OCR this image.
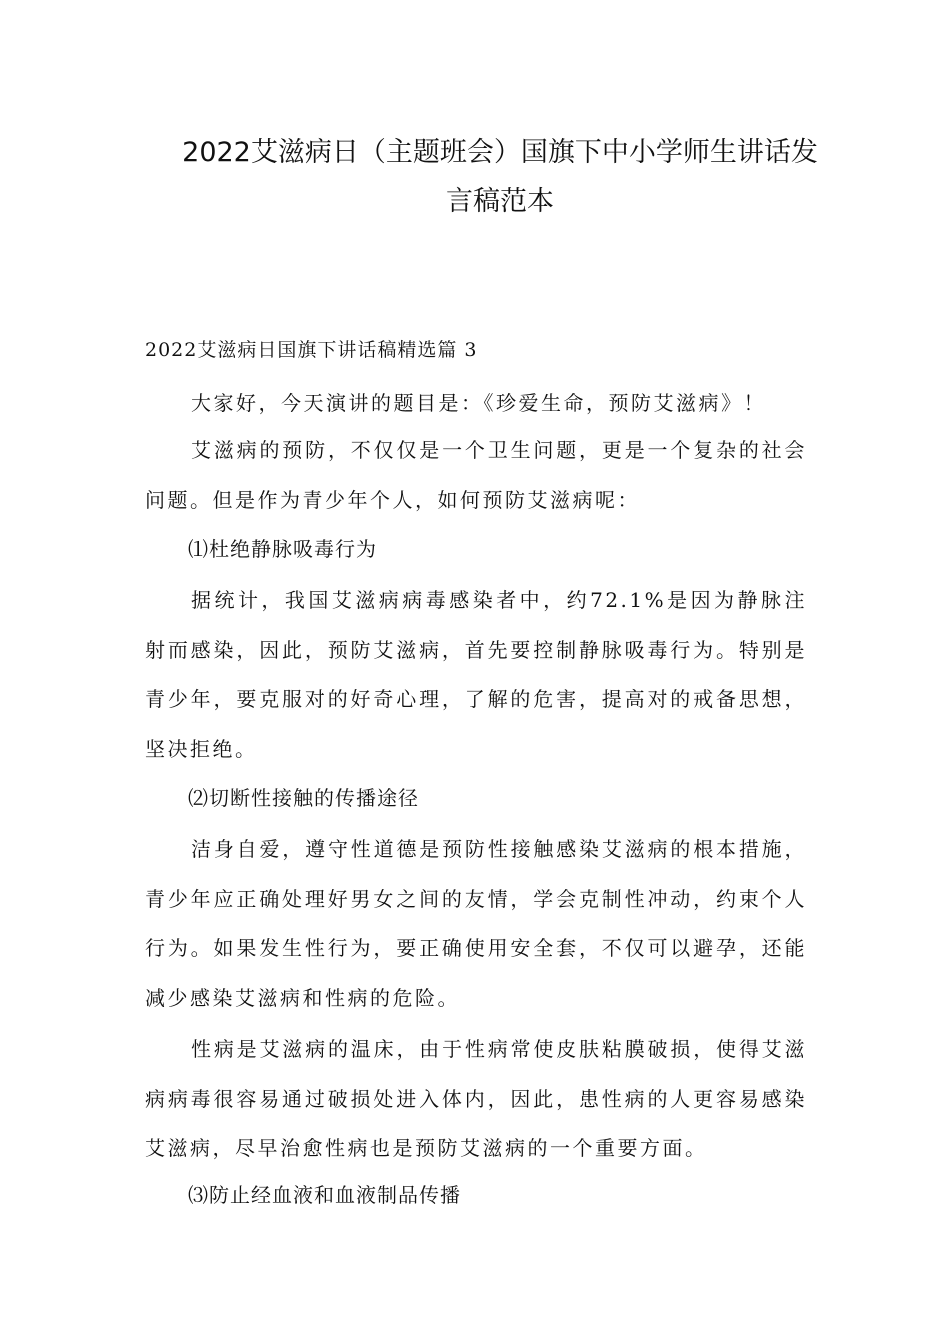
2022艾滋病日（主题班会）国旗下中小学师生讲话发
言稿范本

2022艾滋病日国旗下讲话稿精选篇 3

大家好，今天演讲的题目是：《珍爱生命，预防艾滋病》！

艾滋病的预防，不仅仅是一个卫生问题，更是一个复杂的社会问题。但是作为青少年个人，如何预防艾滋病呢：

⑴杜绝静脉吸毒行为

据统计，我国艾滋病病毒感染者中，约72.1%是因为静脉注射而感染，因此，预防艾滋病，首先要控制静脉吸毒行为。特别是青少年，要克服对的好奇心理，了解的危害，提高对的戒备思想，坚决拒绝。

⑵切断性接触的传播途径

洁身自爱，遵守性道德是预防性接触感染艾滋病的根本措施，青少年应正确处理好男女之间的友情，学会克制性冲动，约束个人行为。如果发生性行为，要正确使用安全套，不仅可以避孕，还能减少感染艾滋病和性病的危险。

性病是艾滋病的温床，由于性病常使皮肤粘膜破损，使得艾滋病病毒很容易通过破损处进入体内，因此，患性病的人更容易感染艾滋病，尽早治愈性病也是预防艾滋病的一个重要方面。

⑶防止经血液和血液制品传播
